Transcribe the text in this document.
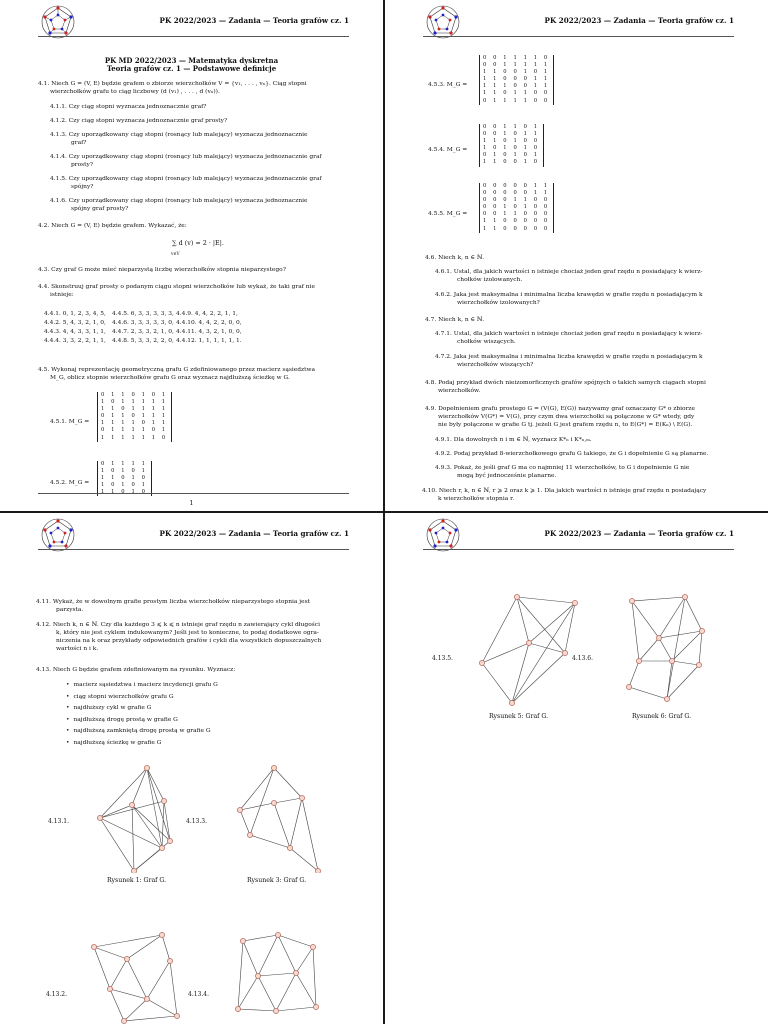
PK 2022/2023 — Zadania — Teoria grafów cz. 1
PK MD 2022/2023 — Matematyka dyskretna
Teoria grafów cz. 1 — Podstawowe definicje
4.1. Niech G = (V, E) będzie grafem o zbiorze wierzchołków V = {v₁, . . . , vₙ}. Ciąg stopni
wierzchołków grafu to ciąg liczbowy (d (v₁) , . . . , d (vₙ)).
4.1.1. Czy ciąg stopni wyznacza jednoznacznie graf?
4.1.2. Czy ciąg stopni wyznacza jednoznacznie graf prosty?
4.1.3. Czy uporządkowany ciąg stopni (rosnący lub malejący) wyznacza jednoznacznie
graf?
4.1.4. Czy uporządkowany ciąg stopni (rosnący lub malejący) wyznacza jednoznacznie graf
prosty?
4.1.5. Czy uporządkowany ciąg stopni (rosnący lub malejący) wyznacza jednoznacznie graf
spójny?
4.1.6. Czy uporządkowany ciąg stopni (rosnący lub malejący) wyznacza jednoznacznie
spójny graf prosty?
4.2. Niech G = (V, E) będzie grafem. Wykazać, że:
∑ d (v) = 2 · |E|.
v∈V
4.3. Czy graf G może mieć nieparzystą liczbę wierzchołków stopnia nieparzystego?
4.4. Skonstruuj graf prosty o podanym ciągu stopni wierzchołków lub wykaż, że taki graf nie
istnieje:
4.5. Wykonaj reprezentację geometryczną grafu G zdefiniowanego przez macierz sąsiedztwa
M_G, oblicz stopnie wierzchołków grafu G oraz wyznacz najdłuższą ścieżkę w G.
4.5.1. M_G =
0 1 1 0 1 0 1
1 0 1 1 1 1 1
1 1 0 1 1 1 1
0 1 1 0 1 1 1
1 1 1 1 0 1 1
0 1 1 1 1 0 1
1 1 1 1 1 1 0
4.5.2. M_G =
0 1 1 1 1
1 0 1 0 1
1 1 0 1 0
1 0 1 0 1
1 1 0 1 0
4.4.1. 0, 1, 2, 3, 4, 5, 4.4.5. 6, 3, 3, 3, 3, 3, 4.4.9. 4, 4, 2, 2, 1, 1,
4.4.2. 5, 4, 3, 2, 1, 0, 4.4.6. 3, 3, 3, 3, 3, 0, 4.4.10. 4, 4, 2, 2, 0, 0,
4.4.3. 4, 4, 3, 3, 1, 1, 4.4.7. 2, 3, 3, 2, 1, 0, 4.4.11. 4, 3, 2, 1, 0, 0,
4.4.4. 3, 3, 2, 2, 1, 1, 4.4.8. 5, 3, 3, 2, 2, 0, 4.4.12. 1, 1, 1, 1, 1, 1.
1
PK 2022/2023 — Zadania — Teoria grafów cz. 1
4.5.3. M_G =
0 0 1 1 1 1 0
0 0 1 1 1 1 1
1 1 0 0 1 0 1
1 1 0 0 0 1 1
1 1 1 0 0 1 1
1 1 0 1 1 0 0
0 1 1 1 1 0 0
4.5.4. M_G =
0 0 1 1 0 1
0 0 1 0 1 1
1 1 0 1 0 0
1 0 1 0 1 0
0 1 0 1 0 1
1 1 0 0 1 0
4.5.5. M_G =
0 0 0 0 0 1 1
0 0 0 0 0 1 1
0 0 0 1 1 0 0
0 0 1 0 1 0 0
0 0 1 1 0 0 0
1 1 0 0 0 0 0
1 1 0 0 0 0 0
4.6. Niech k, n ∈ ℕ.
4.6.1. Ustal, dla jakich wartości n istnieje chociaż jeden graf rzędu n posiadający k wierz-
chołków izolowanych.
4.6.2. Jaka jest maksymalna i minimalna liczba krawędzi w grafie rzędu n posiadającym k
wierzchołków izolowanych?
4.7. Niech k, n ∈ ℕ.
4.7.1. Ustal, dla jakich wartości n istnieje chociaż jeden graf rzędu n posiadający k wierz-
chołków wiszących.
4.7.2. Jaka jest maksymalna i minimalna liczba krawędzi w grafie rzędu n posiadającym k
wierzchołków wiszących?
4.8. Podaj przykład dwóch nieizomorficznych grafów spójnych o takich samych ciągach stopni
wierzchołków.
4.9. Dopełnieniem grafu prostego G = (V(G), E(G)) nazywamy graf oznaczany G* o zbiorze
wierzchołków V(G*) = V(G), przy czym dwa wierzchołki są połączone w G* wtedy, gdy
nie były połączone w grafie G tj. jeżeli G jest grafem rzędu n, to E(G*) = E(Kₙ) \ E(G).
4.9.1. Dla dowolnych n i m ∈ ℕ, wyznacz K*ₙ i K*ₙ,ₘ.
4.9.2. Podaj przykład 8-wierzchołkowego grafu G takiego, że G i dopełnienie G są planarne.
4.9.3. Pokaż, że jeśli graf G ma co najmniej 11 wierzchołków, to G i dopełnienie G nie
mogą być jednocześnie planarne.
4.10. Niech r, k, n ∈ ℕ, r ⩾ 2 oraz k ⩾ 1. Dla jakich wartości n istnieje graf rzędu n posiadający
k wierzchołków stopnia r.
PK 2022/2023 — Zadania — Teoria grafów cz. 1
4.11. Wykaż, że w dowolnym grafie prostym liczba wierzchołków nieparzystego stopnia jest
parzysta.
4.12. Niech k, n ∈ ℕ. Czy dla każdego 3 ⩽ k ⩽ n istnieje graf rzędu n zawierający cykl długości
k, który nie jest cyklem indukowanym? Jeśli jest to konieczne, to podaj dodatkowe ogra-
niczenia na k oraz przykłady odpowiednich grafów i cykli dla wszystkich dopuszczalnych
wartości n i k.
4.13. Niech G będzie grafem zdefiniowanym na rysunku. Wyznacz:
4.13.1.
Rysunek 1: Graf G.
4.13.3.
Rysunek 3: Graf G.
4.13.2.	4.13.4.
• macierz sąsiedztwa i macierz incydencji grafu G
• ciąg stopni wierzchołków grafu G
• najdłuższy cykl w grafie G
• najdłuższą drogę prostą w grafie G
• najdłuższą zamkniętą drogę prostą w grafie G
• najdłuższą ścieżkę w grafie G
PK 2022/2023 — Zadania — Teoria grafów cz. 1
4.13.5.
Rysunek 5: Graf G.
4.13.6.
Rysunek 6: Graf G.
